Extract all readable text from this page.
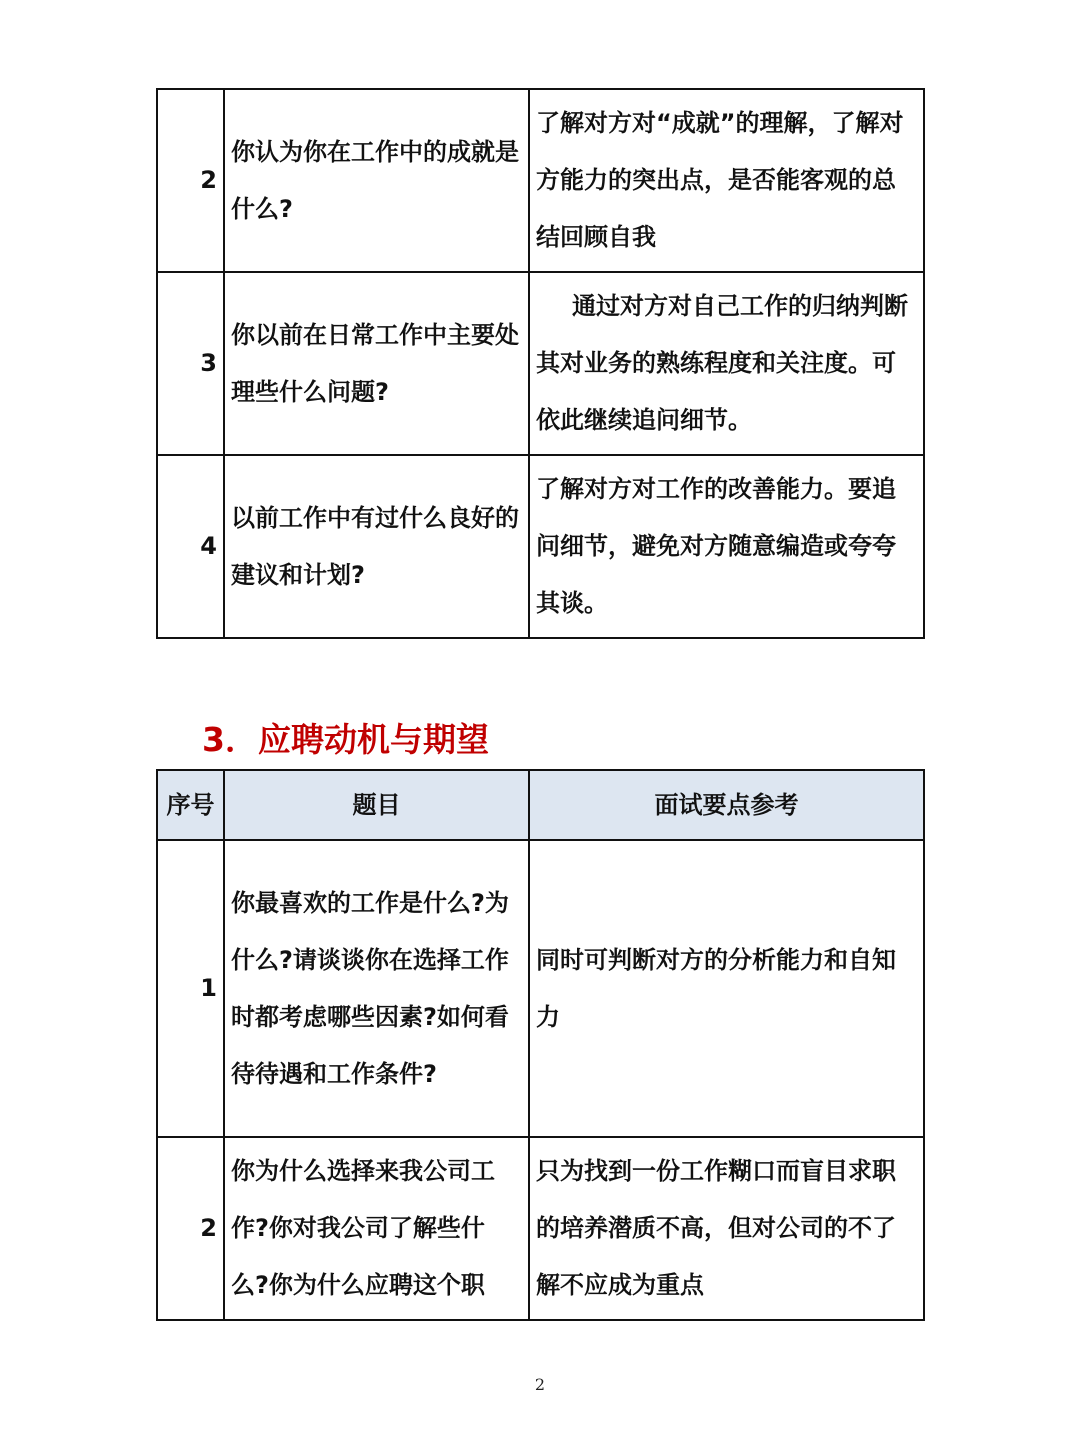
2	你认为你在工作中的成就是什么?	了解对方对“成就”的理解，了解对方能力的突出点，是否能客观的总结回顾自我
3	你以前在日常工作中主要处理些什么问题?	通过对方对自己工作的归纳判断其对业务的熟练程度和关注度。可依此继续追问细节。
4	以前工作中有过什么良好的建议和计划?	了解对方对工作的改善能力。要追问细节，避免对方随意编造或夸夸其谈。
3．应聘动机与期望
序号	题目	面试要点参考
1	你最喜欢的工作是什么?为什么?请谈谈你在选择工作时都考虑哪些因素?如何看待待遇和工作条件?	同时可判断对方的分析能力和自知力
2	你为什么选择来我公司工作?你对我公司了解些什么?你为什么应聘这个职	只为找到一份工作糊口而盲目求职的培养潜质不高，但对公司的不了解不应成为重点
2
